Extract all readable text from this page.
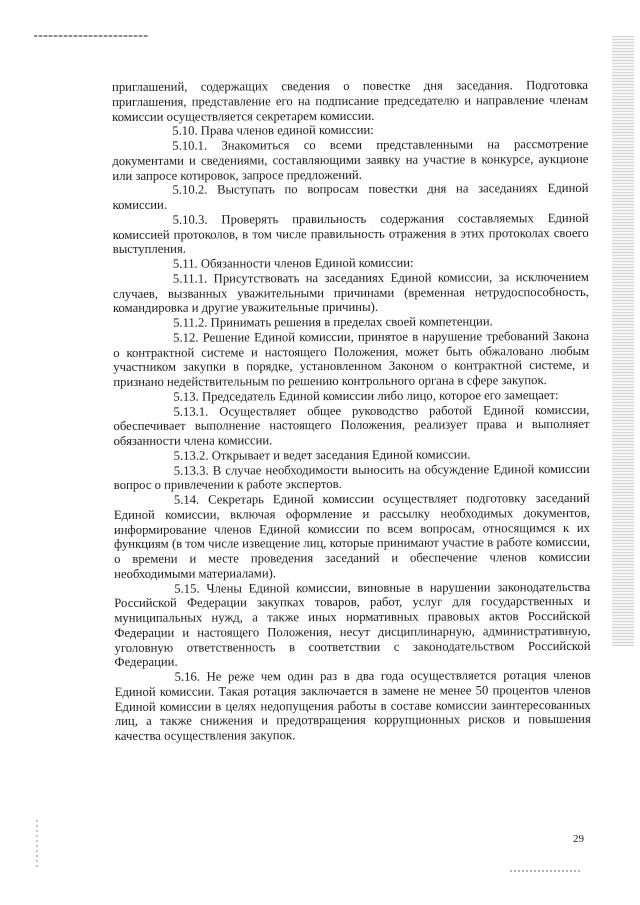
приглашений, содержащих сведения о повестке дня заседания. Подготовка приглашения, представление его на подписание председателю и направление членам комиссии осуществляется секретарем комиссии.

5.10. Права членов единой комиссии:

5.10.1. Знакомиться со всеми представленными на рассмотрение документами и сведениями, составляющими заявку на участие в конкурсе, аукционе или запросе котировок, запросе предложений.

5.10.2. Выступать по вопросам повестки дня на заседаниях Единой комиссии.

5.10.3. Проверять правильность содержания составляемых Единой комиссией протоколов, в том числе правильность отражения в этих протоколах своего выступления.

5.11. Обязанности членов Единой комиссии:

5.11.1. Присутствовать на заседаниях Единой комиссии, за исключением случаев, вызванных уважительными причинами (временная нетрудоспособность, командировка и другие уважительные причины).

5.11.2. Принимать решения в пределах своей компетенции.

5.12. Решение Единой комиссии, принятое в нарушение требований Закона о контрактной системе и настоящего Положения, может быть обжаловано любым участником закупки в порядке, установленном Законом о контрактной системе, и признано недействительным по решению контрольного органа в сфере закупок.

5.13. Председатель Единой комиссии либо лицо, которое его замещает:

5.13.1. Осуществляет общее руководство работой Единой комиссии, обеспечивает выполнение настоящего Положения, реализует права и выполняет обязанности члена комиссии.

5.13.2. Открывает и ведет заседания Единой комиссии.

5.13.3. В случае необходимости выносить на обсуждение Единой комиссии вопрос о привлечении к работе экспертов.

5.14. Секретарь Единой комиссии осуществляет подготовку заседаний Единой комиссии, включая оформление и рассылку необходимых документов, информирование членов Единой комиссии по всем вопросам, относящимся к их функциям (в том числе извещение лиц, которые принимают участие в работе комиссии, о времени и месте проведения заседаний и обеспечение членов комиссии необходимыми материалами).

5.15. Члены Единой комиссии, виновные в нарушении законодательства Российской Федерации закупках товаров, работ, услуг для государственных и муниципальных нужд, а также иных нормативных правовых актов Российской Федерации и настоящего Положения, несут дисциплинарную, административную, уголовную ответственность в соответствии с законодательством Российской Федерации.

5.16. Не реже чем один раз в два года осуществляется ротация членов Единой комиссии. Такая ротация заключается в замене не менее 50 процентов членов Единой комиссии в целях недопущения работы в составе комиссии заинтересованных лиц, а также снижения и предотвращения коррупционных рисков и повышения качества осуществления закупок.

29
